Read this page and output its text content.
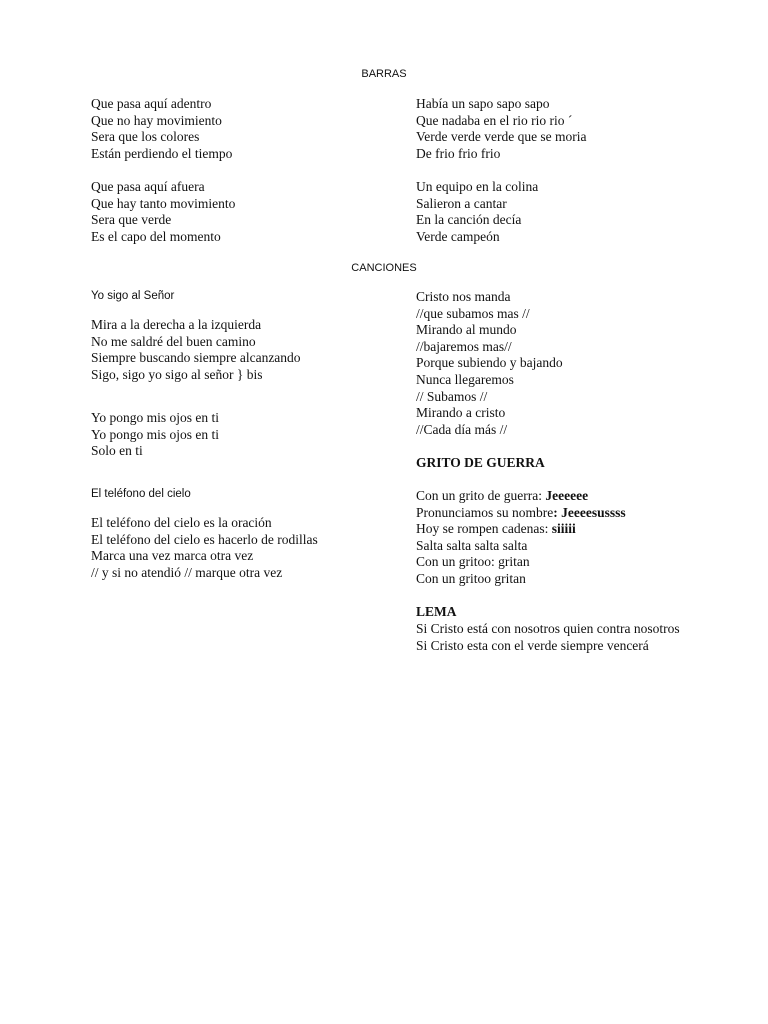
BARRAS
Que pasa aquí adentro
Que no hay movimiento
Sera que los colores
Están perdiendo el tiempo
Que pasa aquí afuera
Que hay tanto movimiento
Sera que verde
Es el capo del momento
Había un sapo sapo sapo
Que nadaba en el rio rio rio ´
Verde verde verde que se moria
De frio frio frio
Un equipo en la colina
Salieron a cantar
En la canción decía
Verde campeón
CANCIONES
Yo sigo al Señor
Mira a la derecha a la izquierda
No me saldré del buen camino
Siempre buscando siempre alcanzando
Sigo, sigo yo sigo al señor } bis
Yo pongo mis ojos en ti
Yo pongo mis ojos en ti
Solo en ti
El teléfono del cielo
El teléfono del cielo es la oración
El teléfono del cielo es hacerlo de rodillas
Marca una vez marca otra vez
// y si no atendió // marque otra vez
Cristo nos manda
//que subamos mas //
Mirando al mundo
//bajaremos mas//
Porque subiendo y bajando
Nunca llegaremos
// Subamos //
Mirando a cristo
//Cada día más //
GRITO DE GUERRA
Con un grito de guerra: Jeeeeee
Pronunciamos su nombre: Jeeeesussss
Hoy se rompen cadenas: siiiii
Salta salta salta salta
Con un gritoo: gritan
Con un gritoo gritan
LEMA
Si Cristo está con nosotros quien contra nosotros
Si Cristo esta con el verde siempre vencerá
